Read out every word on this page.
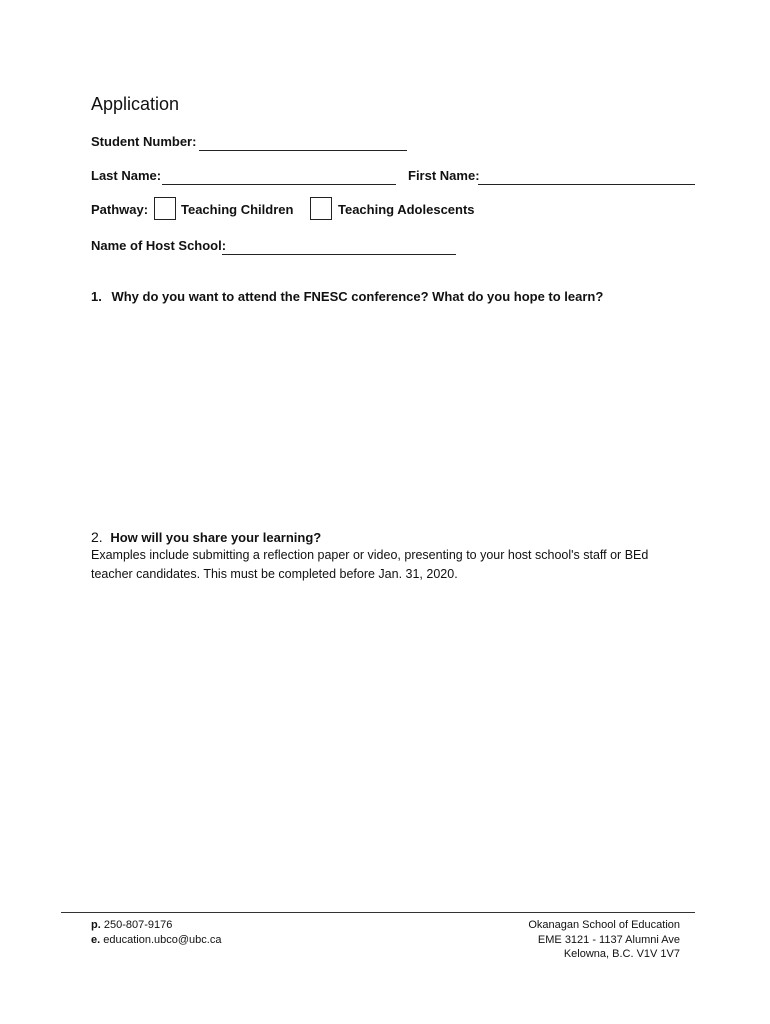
Application
Student Number:
Last Name:	First Name:
Pathway:	Teaching Children	Teaching Adolescents
Name of Host School:
1. Why do you want to attend the FNESC conference? What do you hope to learn?
2. How will you share your learning?
Examples include submitting a reflection paper or video, presenting to your host school's staff or BEd teacher candidates. This must be completed before Jan. 31, 2020.
p. 250-807-9176
e. education.ubco@ubc.ca
Okanagan School of Education
EME 3121 - 1137 Alumni Ave
Kelowna, B.C. V1V 1V7
